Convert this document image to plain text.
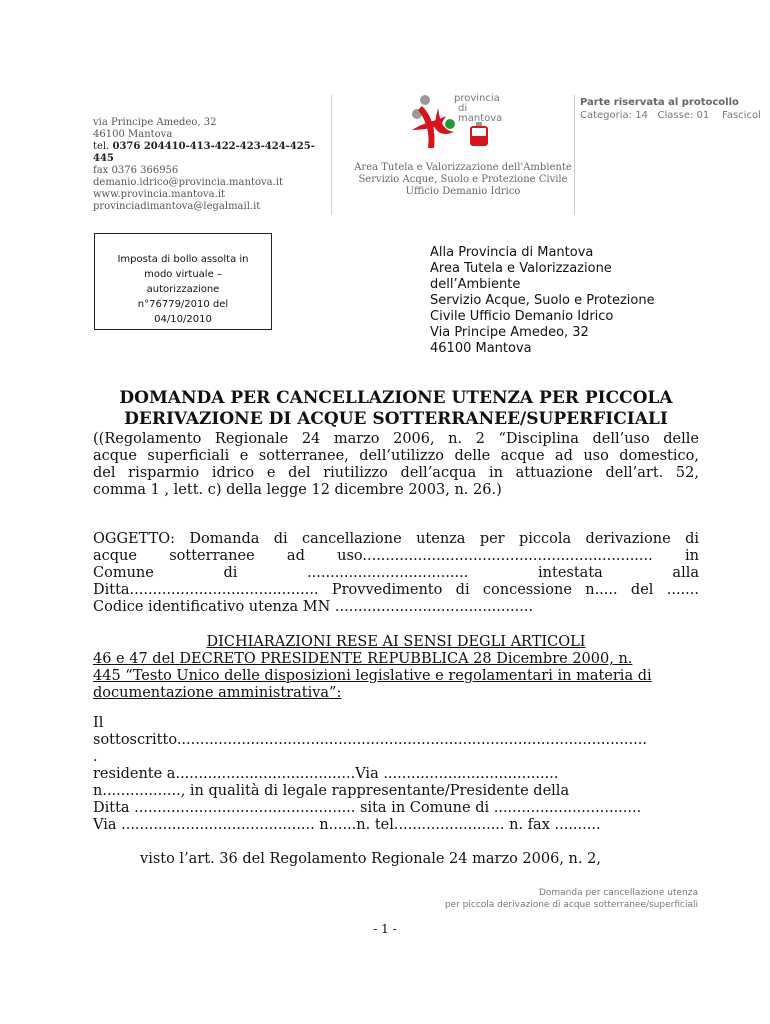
via Principe Amedeo, 32
46100 Mantova
tel. 0376 204410-413-422-423-424-425-445
fax 0376 366956
demanio.idrico@provincia.mantova.it
www.provincia.mantova.it
provinciadimantova@legalmail.it
provincia
di mantova
Area Tutela e Valorizzazione dell'Ambiente
Servizio Acque, Suolo e Protezione Civile
Ufficio Demanio Idrico
Parte riservata al protocollo
Categoria: 14 Classe: 01 Fascicol
Imposta di bollo assolta in
modo virtuale –
autorizzazione
n°76779/2010 del
04/10/2010
Alla Provincia di Mantova
Area Tutela e Valorizzazione
dell’Ambiente
Servizio Acque, Suolo e Protezione
Civile Ufficio Demanio Idrico
Via Principe Amedeo, 32
46100 Mantova
DOMANDA PER CANCELLAZIONE UTENZA PER PICCOLA
DERIVAZIONE DI ACQUE SOTTERRANEE/SUPERFICIALI
((Regolamento Regionale 24 marzo 2006, n. 2 “Disciplina dell’uso delle
acque superficiali e sotterranee, dell’utilizzo delle acque ad uso domestico,
del risparmio idrico e del riutilizzo dell’acqua in attuazione dell’art. 52,
comma 1 , lett. c) della legge 12 dicembre 2003, n. 26.)
OGGETTO: Domanda di cancellazione utenza per piccola derivazione di
acque sotterranee ad uso............................................................... in
Comune di ................................... intestata alla
Ditta......................................... Provvedimento di concessione n..... del .......
Codice identificativo utenza MN ...........................................
DICHIARAZIONI RESE AI SENSI DEGLI ARTICOLI
46 e 47 del DECRETO PRESIDENTE REPUBBLICA 28 Dicembre 2000, n.
445 “Testo Unico delle disposizioni legislative e regolamentari in materia di
documentazione amministrativa”:
Il
sottoscritto......................................................................................................
.
residente a.......................................Via ......................................
n................., in qualità di legale rappresentante/Presidente della
Ditta ................................................ sita in Comune di ................................
Via .......................................... n......n. tel........................ n. fax ..........
visto l’art. 36 del Regolamento Regionale 24 marzo 2006, n. 2,
Domanda per cancellazione utenza
per piccola derivazione di acque sotterranee/superficiali
- 1 -
